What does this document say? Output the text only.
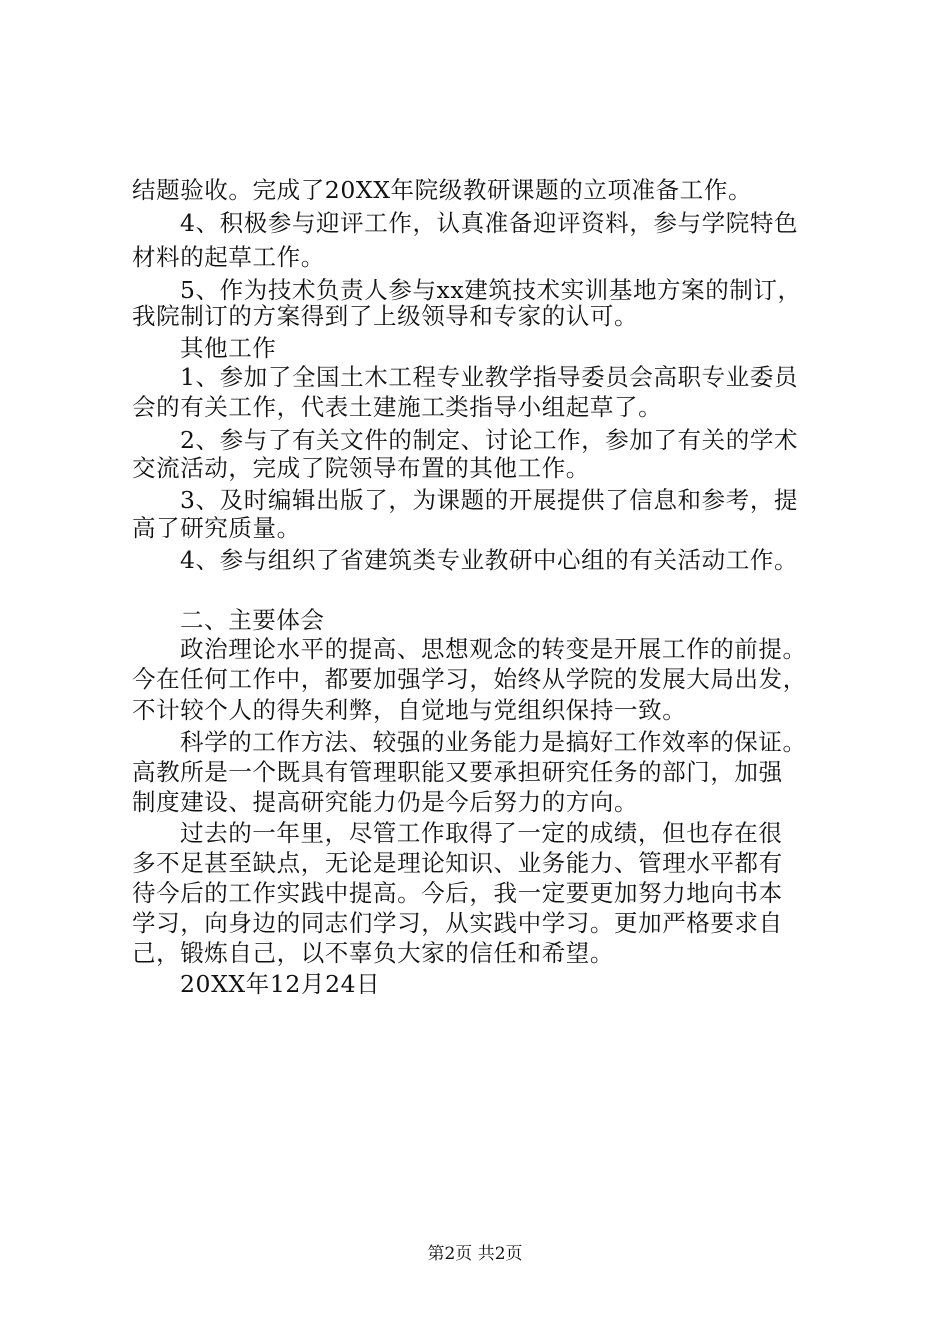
结题验收。完成了20XX年院级教研课题的立项准备工作。
4、积极参与迎评工作，认真准备迎评资料，参与学院特色
材料的起草工作。
5、作为技术负责人参与xx建筑技术实训基地方案的制订，
我院制订的方案得到了上级领导和专家的认可。
其他工作
1、参加了全国土木工程专业教学指导委员会高职专业委员
会的有关工作，代表土建施工类指导小组起草了。
2、参与了有关文件的制定、讨论工作，参加了有关的学术
交流活动，完成了院领导布置的其他工作。
3、及时编辑出版了，为课题的开展提供了信息和参考，提
高了研究质量。
4、参与组织了省建筑类专业教研中心组的有关活动工作。
二、主要体会
政治理论水平的提高、思想观念的转变是开展工作的前提。
今在任何工作中，都要加强学习，始终从学院的发展大局出发，
不计较个人的得失利弊，自觉地与党组织保持一致。
科学的工作方法、较强的业务能力是搞好工作效率的保证。
高教所是一个既具有管理职能又要承担研究任务的部门，加强
制度建设、提高研究能力仍是今后努力的方向。
过去的一年里，尽管工作取得了一定的成绩，但也存在很
多不足甚至缺点，无论是理论知识、业务能力、管理水平都有
待今后的工作实践中提高。今后，我一定要更加努力地向书本
学习，向身边的同志们学习，从实践中学习。更加严格要求自
己，锻炼自己，以不辜负大家的信任和希望。
20XX年12月24日
第2页 共2页
